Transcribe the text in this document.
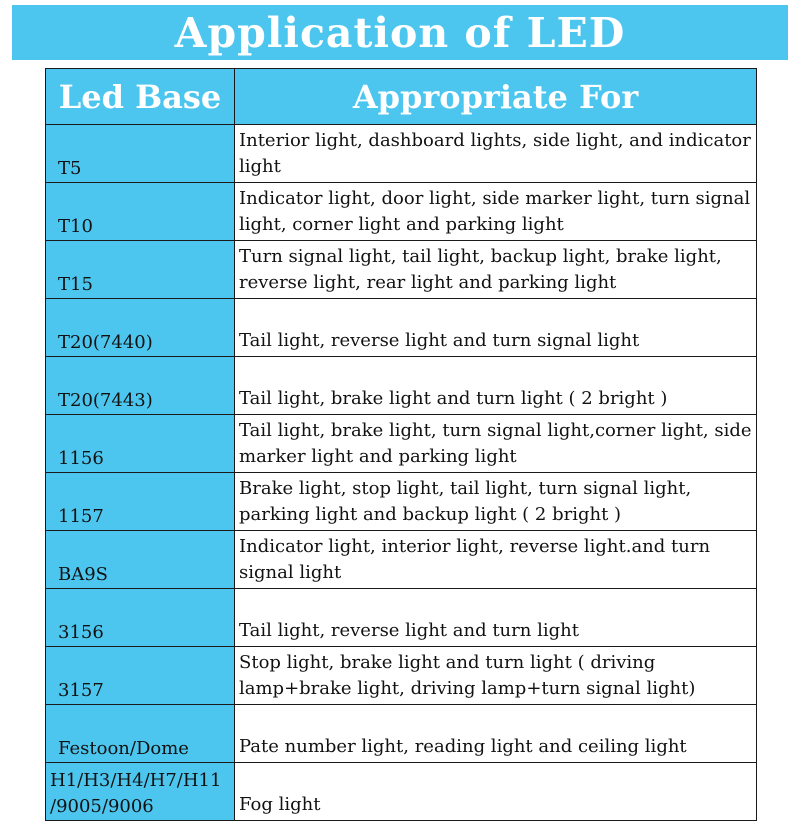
Application of LED
Led Base	Appropriate For
T5	Interior light, dashboard lights, side light, and indicator light
T10	Indicator light, door light, side marker light, turn signal light, corner light and parking light
T15	Turn signal light, tail light, backup light, brake light, reverse light, rear light and parking light
T20(7440)	Tail light, reverse light and turn signal light
T20(7443)	Tail light, brake light and turn light ( 2 bright )
1156	Tail light, brake light, turn signal light,corner light, side marker light and parking light
1157	Brake light, stop light, tail light, turn signal light, parking light and backup light ( 2 bright )
BA9S	Indicator light, interior light, reverse light.and turn signal light
3156	Tail light, reverse light and turn light
3157	Stop light, brake light and turn light ( driving lamp+brake light, driving lamp+turn signal light)
Festoon/Dome	Pate number light, reading light and ceiling light
H1/H3/H4/H7/H11 /9005/9006	Fog light
